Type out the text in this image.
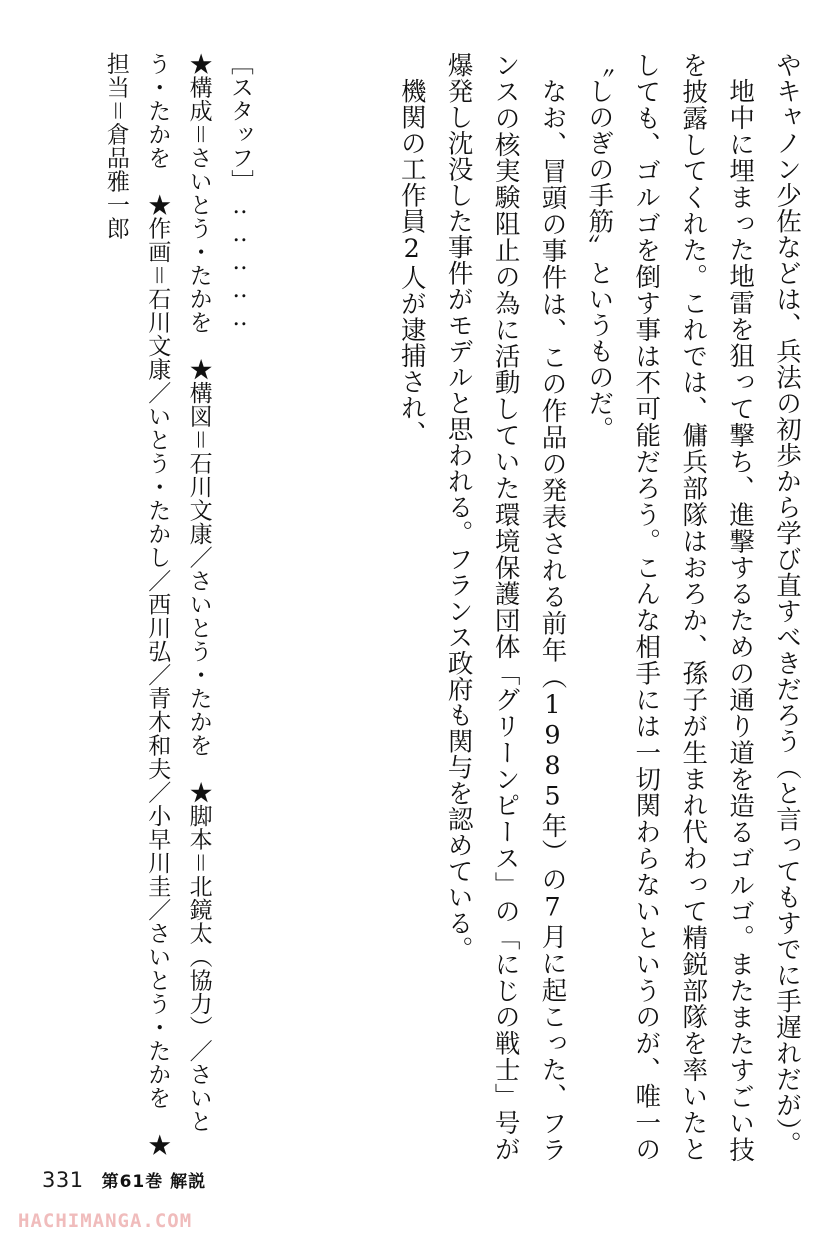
やキャノン少佐などは、兵法の初歩から学び直すべきだろう（と言ってもすでに手遅れだが）。

地中に埋まった地雷を狙って撃ち、進撃するための通り道を造るゴルゴ。またまたすごい技を披露してくれた。これでは、傭兵部隊はおろか、孫子が生まれ代わって精鋭部隊を率いたとしても、ゴルゴを倒す事は不可能だろう。こんな相手には一切関わらないというのが、唯一の〝しのぎの手筋〟というものだ。

なお、冒頭の事件は、この作品の発表される前年（1985年）の7月に起こった、フランスの核実験阻止の為に活動していた環境保護団体「グリーンピース」の「にじの戦士」号が爆発し沈没した事件がモデルと思われる。フランス政府も関与を認めている。

機関の工作員2人が逮捕され、

［スタッフ］‥‥‥‥‥

★構成＝さいとう・たかを　★構図＝石川文康／さいとう・たかを　★脚本＝北鏡太（協力）／さいとう・たかを　★作画＝石川文康／いとう・たかし／西川弘／青木和夫／小早川圭／さいとう・たかを　★担当＝倉品雅一郎

331 第61巻 解説
HACHIMANGA.COM
